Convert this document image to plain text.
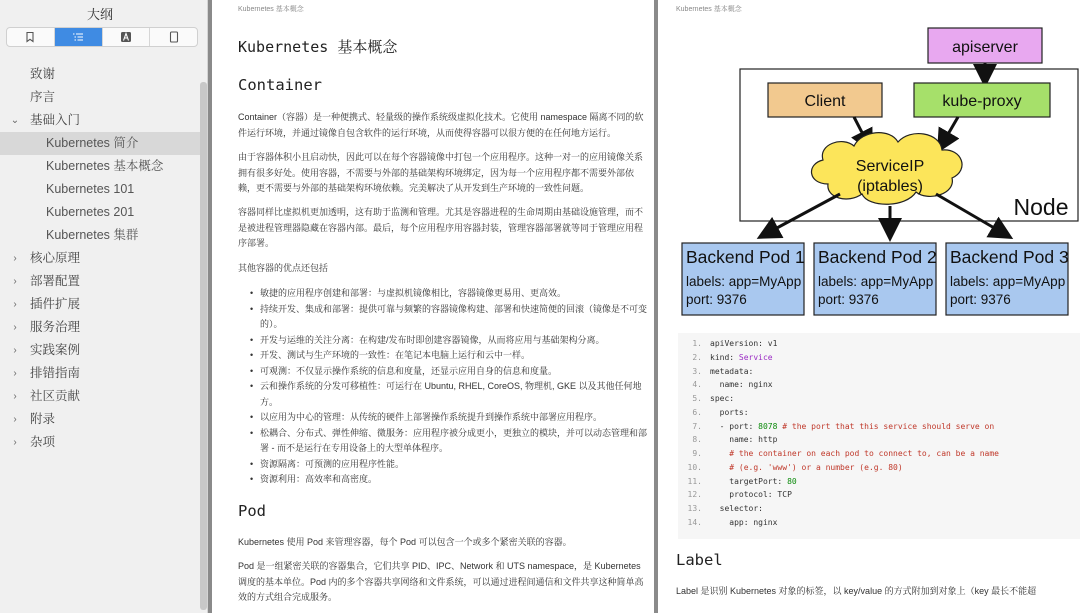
大纲
致谢
序言
⌄ 基础入门
Kubernetes 简介
Kubernetes 基本概念
Kubernetes 101
Kubernetes 201
Kubernetes 集群
›	核心原理
›	部署配置
›	插件扩展
›	服务治理
›	实践案例
›	排错指南
›	社区贡献
›	附录
›	杂项
Kubernetes 基本概念
Kubernetes 基本概念
Container
Container（容器）是一种便携式、轻量级的操作系统级虚拟化技术。它使用 namespace 隔离不同的软件运行环境，并通过镜像自包含软件的运行环境，从而使得容器可以很方便的在任何地方运行。
由于容器体积小且启动快，因此可以在每个容器镜像中打包一个应用程序。这种一对一的应用镜像关系拥有很多好处。使用容器，不需要与外部的基础架构环境绑定，因为每一个应用程序都不需要外部依赖，更不需要与外部的基础架构环境依赖。完美解决了从开发到生产环境的一致性问题。
容器同样比虚拟机更加透明，这有助于监测和管理。尤其是容器进程的生命周期由基础设施管理，而不是被进程管理器隐藏在容器内部。最后，每个应用程序用容器封装，管理容器部署就等同于管理应用程序部署。
其他容器的优点还包括
• 敏捷的应用程序创建和部署：与虚拟机镜像相比，容器镜像更易用、更高效。
• 持续开发、集成和部署：提供可靠与频繁的容器镜像构建、部署和快速简便的回滚（镜像是不可变的）。
• 开发与运维的关注分离：在构建/发布时即创建容器镜像，从而将应用与基础架构分离。
• 开发、测试与生产环境的一致性：在笔记本电脑上运行和云中一样。
• 可观测：不仅显示操作系统的信息和度量，还显示应用自身的信息和度量。
• 云和操作系统的分发可移植性：可运行在 Ubuntu, RHEL, CoreOS, 物理机, GKE 以及其他任何地方。
• 以应用为中心的管理：从传统的硬件上部署操作系统提升到操作系统中部署应用程序。
• 松耦合、分布式、弹性伸缩、微服务：应用程序被分成更小，更独立的模块，并可以动态管理和部署 - 而不是运行在专用设备上的大型单体程序。
• 资源隔离：可预测的应用程序性能。
• 资源利用：高效率和高密度。
Pod
Kubernetes 使用 Pod 来管理容器，每个 Pod 可以包含一个或多个紧密关联的容器。
Pod 是一组紧密关联的容器集合，它们共享 PID、IPC、Network 和 UTS namespace，是 Kubernetes 调度的基本单位。Pod 内的多个容器共享网络和文件系统，可以通过进程间通信和文件共享这种简单高效的方式组合完成服务。
Kubernetes 基本概念
Node
apiserver
Client	kube-proxy
ServiceIP
(iptables)
Backend Pod 1
labels: app=MyApp
port: 9376
Backend Pod 2
labels: app=MyApp
port: 9376
Backend Pod 3
labels: app=MyApp
port: 9376
1. apiVersion: v1
2. kind: Service
3. metadata:
4.  name: nginx
5. spec:
6.  ports:
7.  - port: 8078 # the port that this service should serve on
8.    name: http
9.    # the container on each pod to connect to, can be a name
10.    # (e.g. 'www') or a number (e.g. 80)
11.    targetPort: 80
12.    protocol: TCP
13.  selector:
14.    app: nginx
Label
Label 是识别 Kubernetes 对象的标签，以 key/value 的方式附加到对象上（key 最长不能超
